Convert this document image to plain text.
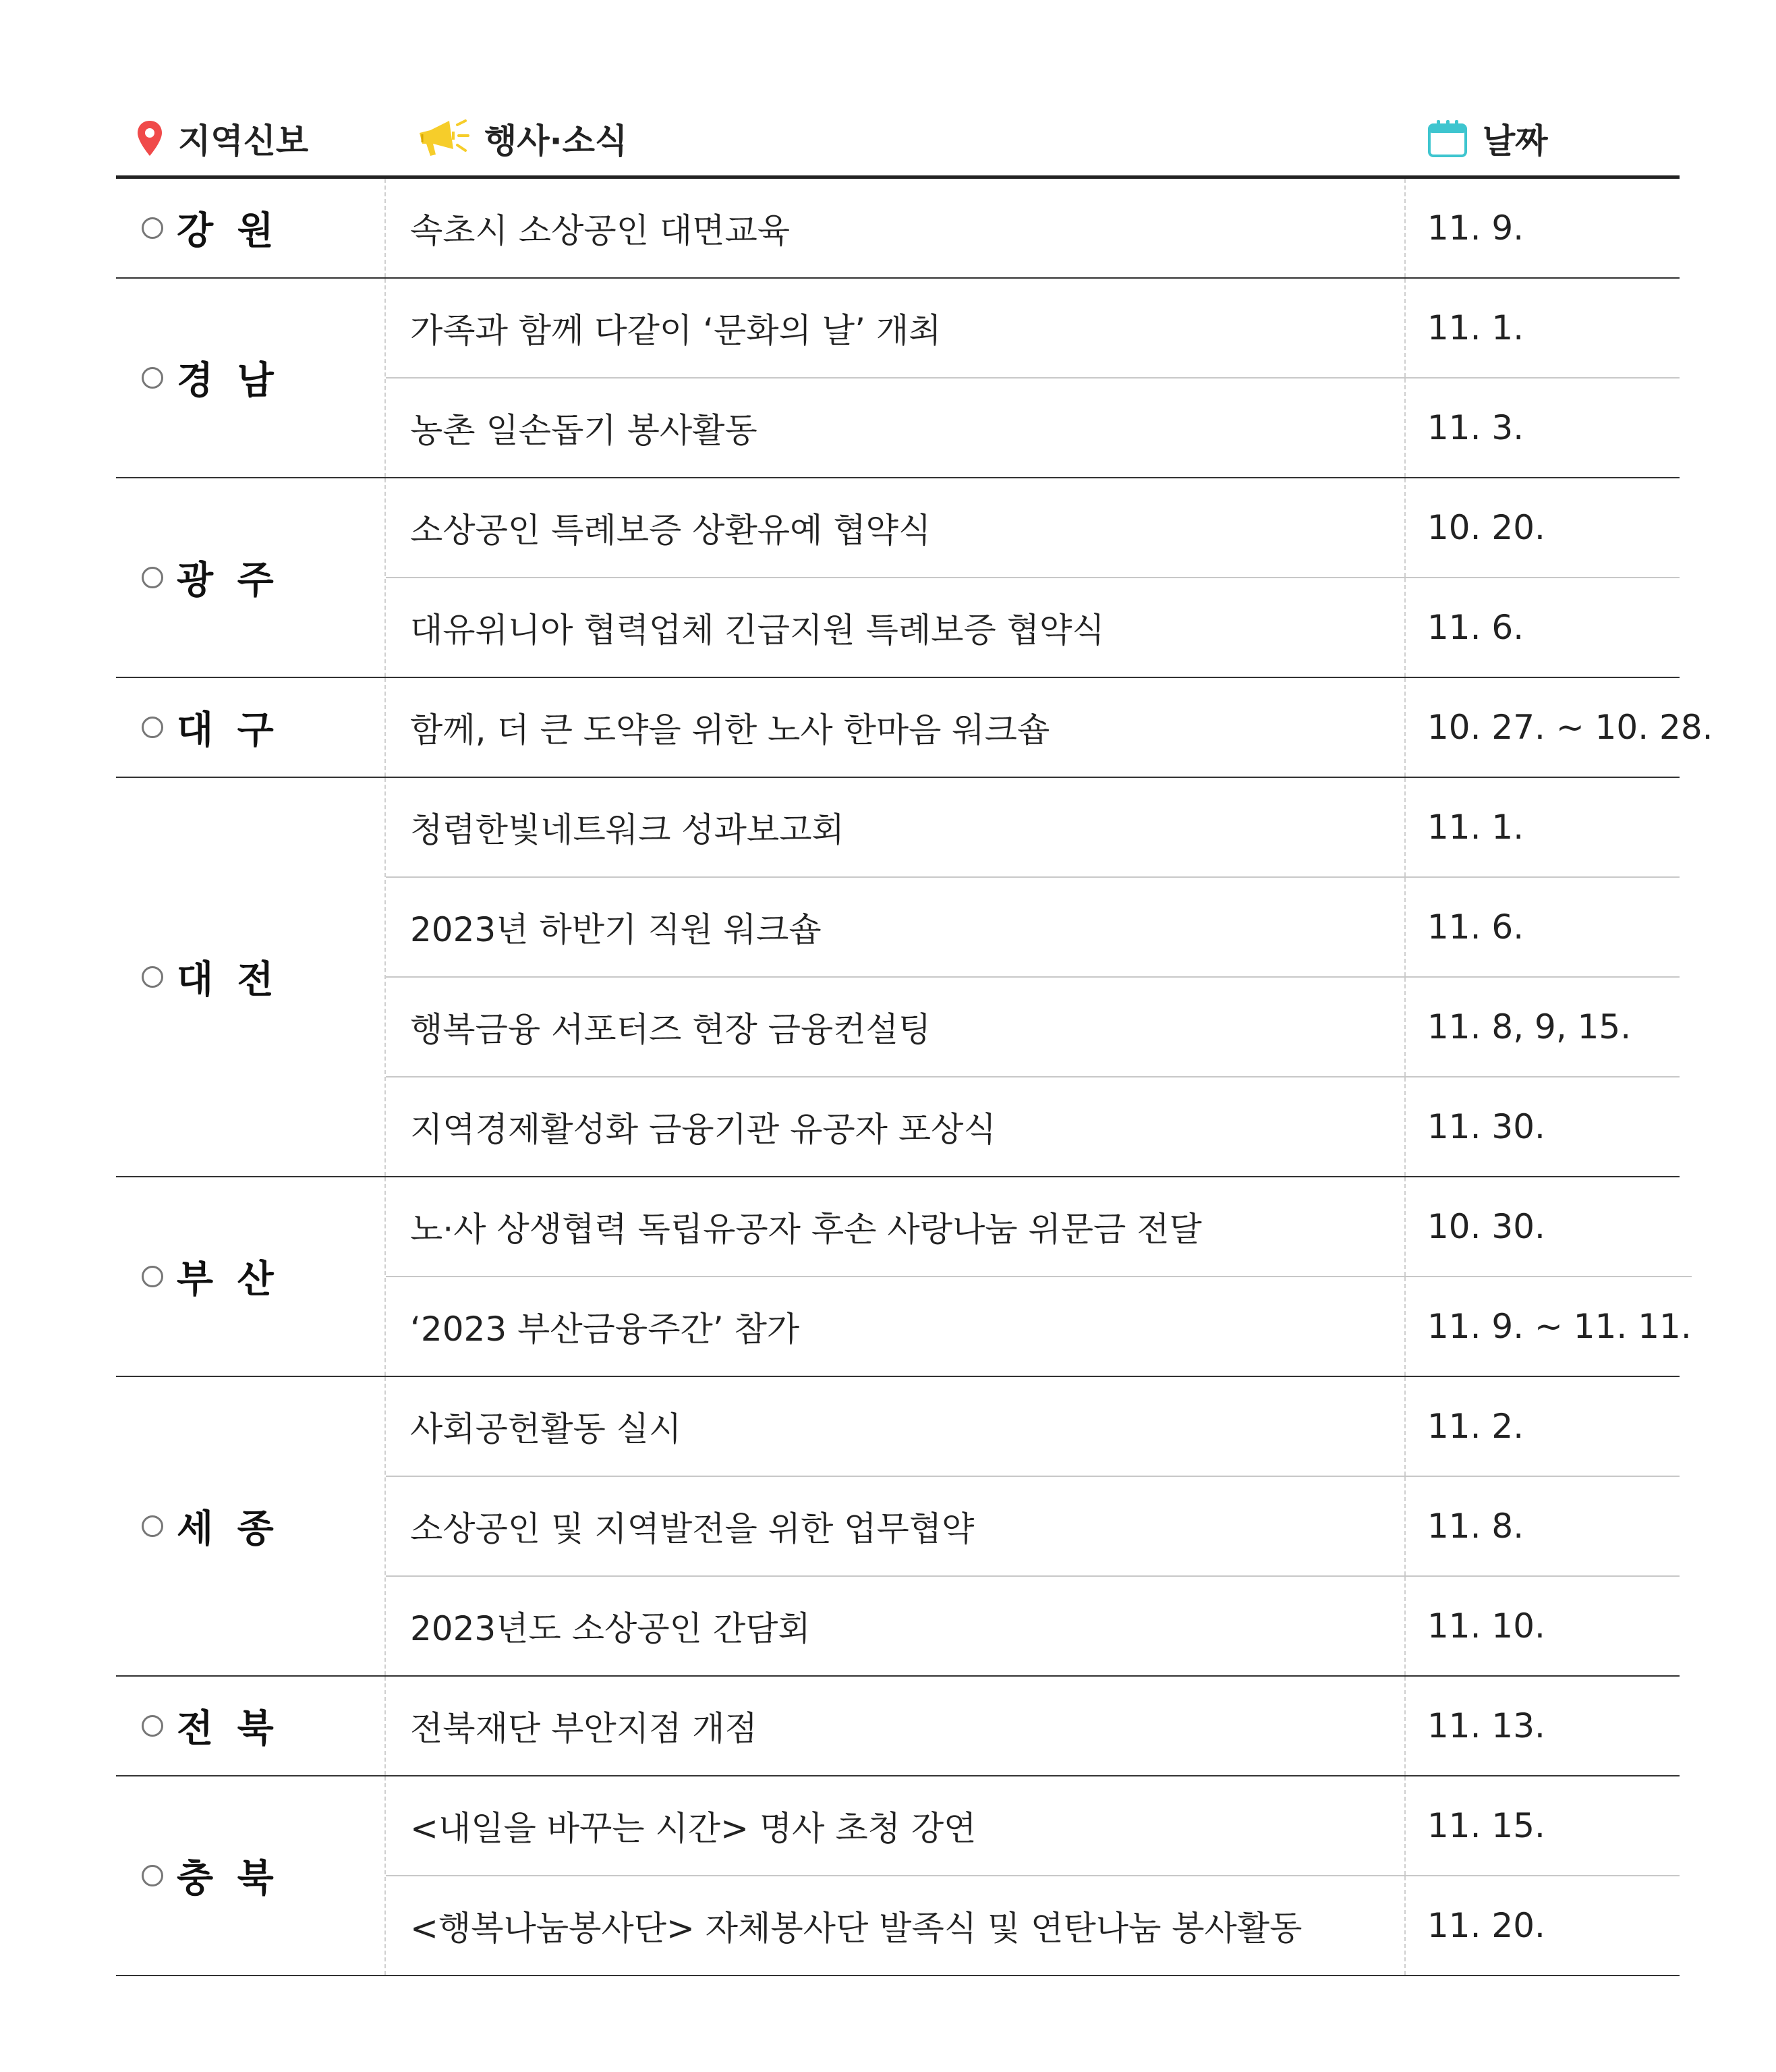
지역신보	행사·소식	날짜
강 원	속초시 소상공인 대면교육	11. 9.
경 남
가족과 함께 다같이 ‘문화의 날’ 개최	11. 1.
농촌 일손돕기 봉사활동	11. 3.
광 주
소상공인 특례보증 상환유예 협약식	10. 20.
대유위니아 협력업체 긴급지원 특례보증 협약식	11. 6.
대 구	함께, 더 큰 도약을 위한 노사 한마음 워크숍	10. 27. ~ 10. 28.
대 전
청렴한빛네트워크 성과보고회	11. 1.
2023년 하반기 직원 워크숍	11. 6.
행복금융 서포터즈 현장 금융컨설팅	11. 8, 9, 15.
지역경제활성화 금융기관 유공자 포상식	11. 30.
부 산
노·사 상생협력 독립유공자 후손 사랑나눔 위문금 전달	10. 30.
‘2023 부산금융주간’ 참가	11. 9. ~ 11. 11.
세 종
사회공헌활동 실시	11. 2.
소상공인 및 지역발전을 위한 업무협약	11. 8.
2023년도 소상공인 간담회	11. 10.
전 북	전북재단 부안지점 개점	11. 13.
충 북
<내일을 바꾸는 시간> 명사 초청 강연	11. 15.
<행복나눔봉사단> 자체봉사단 발족식 및 연탄나눔 봉사활동	11. 20.
